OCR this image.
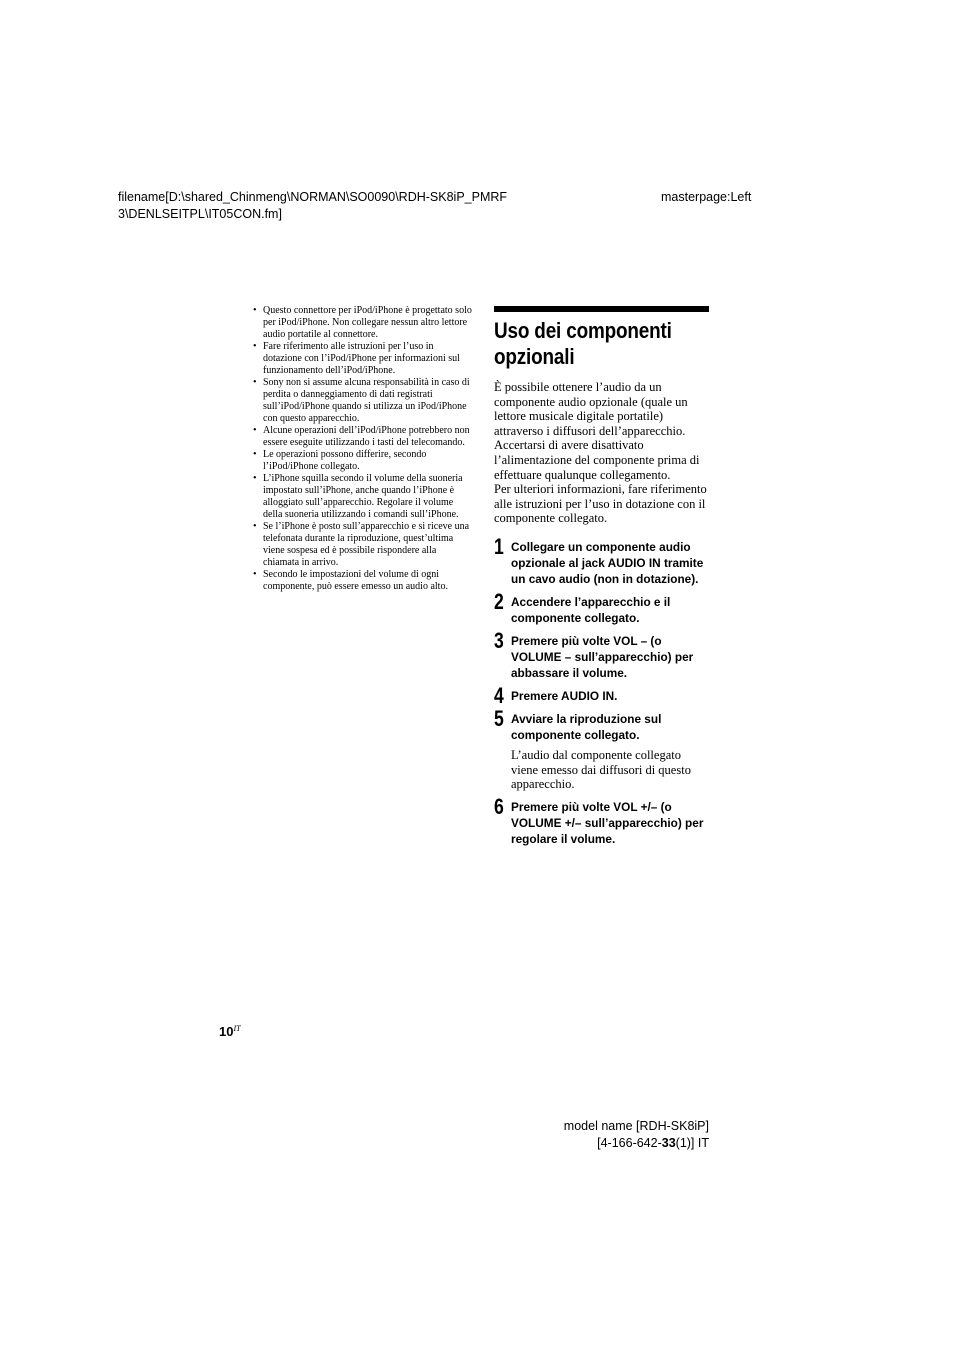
filename[D:\shared_Chinmeng\NORMAN\SO0090\RDH-SK8iP_PMRF
3\DENLSEITPL\IT05CON.fm]
masterpage:Left
• Questo connettore per iPod/iPhone è progettato solo per iPod/iPhone. Non collegare nessun altro lettore audio portatile al connettore.
• Fare riferimento alle istruzioni per l’uso in dotazione con l’iPod/iPhone per informazioni sul funzionamento dell’iPod/iPhone.
• Sony non si assume alcuna responsabilità in caso di perdita o danneggiamento di dati registrati sull’iPod/iPhone quando si utilizza un iPod/iPhone con questo apparecchio.
• Alcune operazioni dell’iPod/iPhone potrebbero non essere eseguite utilizzando i tasti del telecomando.
• Le operazioni possono differire, secondo l’iPod/iPhone collegato.
• L’iPhone squilla secondo il volume della suoneria impostato sull’iPhone, anche quando l’iPhone è alloggiato sull’apparecchio. Regolare il volume della suoneria utilizzando i comandi sull’iPhone.
• Se l’iPhone è posto sull’apparecchio e si riceve una telefonata durante la riproduzione, quest’ultima viene sospesa ed è possibile rispondere alla chiamata in arrivo.
• Secondo le impostazioni del volume di ogni componente, può essere emesso un audio alto.
Uso dei componenti
opzionali

È possibile ottenere l’audio da un componente audio opzionale (quale un lettore musicale digitale portatile) attraverso i diffusori dell’apparecchio. Accertarsi di avere disattivato l’alimentazione del componente prima di effettuare qualunque collegamento.

Per ulteriori informazioni, fare riferimento alle istruzioni per l’uso in dotazione con il componente collegato.

1 Collegare un componente audio opzionale al jack AUDIO IN tramite un cavo audio (non in dotazione).
2 Accendere l’apparecchio e il componente collegato.
3 Premere più volte VOL – (o VOLUME – sull’apparecchio) per abbassare il volume.
4 Premere AUDIO IN.
5 Avviare la riproduzione sul componente collegato.
L’audio dal componente collegato viene emesso dai diffusori di questo apparecchio.
6 Premere più volte VOL +/– (o VOLUME +/– sull’apparecchio) per regolare il volume.
$10^{IT}$
model name [RDH-SK8iP]
[4-166-642-33(1)] IT
